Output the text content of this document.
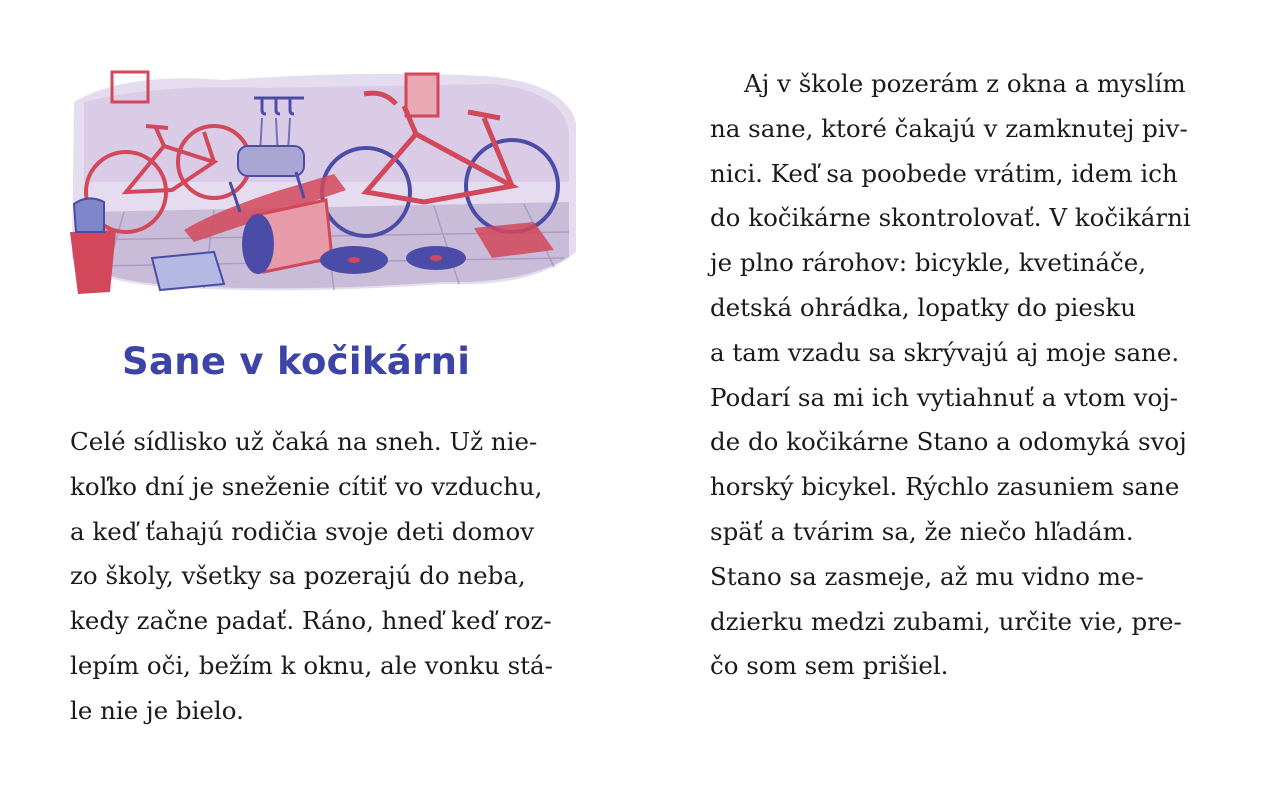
Sane v kočikárni
Celé sídlisko už čaká na sneh. Už nie-
koľko dní je sneženie cítiť vo vzduchu,
a keď ťahajú rodičia svoje deti domov
zo školy, všetky sa pozerajú do neba,
kedy začne padať. Ráno, hneď keď roz-
lepím oči, bežím k oknu, ale vonku stá-
le nie je bielo.
Aj v škole pozerám z okna a myslím
na sane, ktoré čakajú v zamknutej piv-
nici. Keď sa poobede vrátim, idem ich
do kočikárne skontrolovať. V kočikárni
je plno rárohov: bicykle, kvetináče,
detská ohrádka, lopatky do piesku
a tam vzadu sa skrývajú aj moje sane.
Podarí sa mi ich vytiahnuť a vtom voj-
de do kočikárne Stano a odomyká svoj
horský bicykel. Rýchlo zasuniem sane
späť a tvárim sa, že niečo hľadám.
Stano sa zasmeje, až mu vidno me-
dzierku medzi zubami, určite vie, pre-
čo som sem prišiel.
